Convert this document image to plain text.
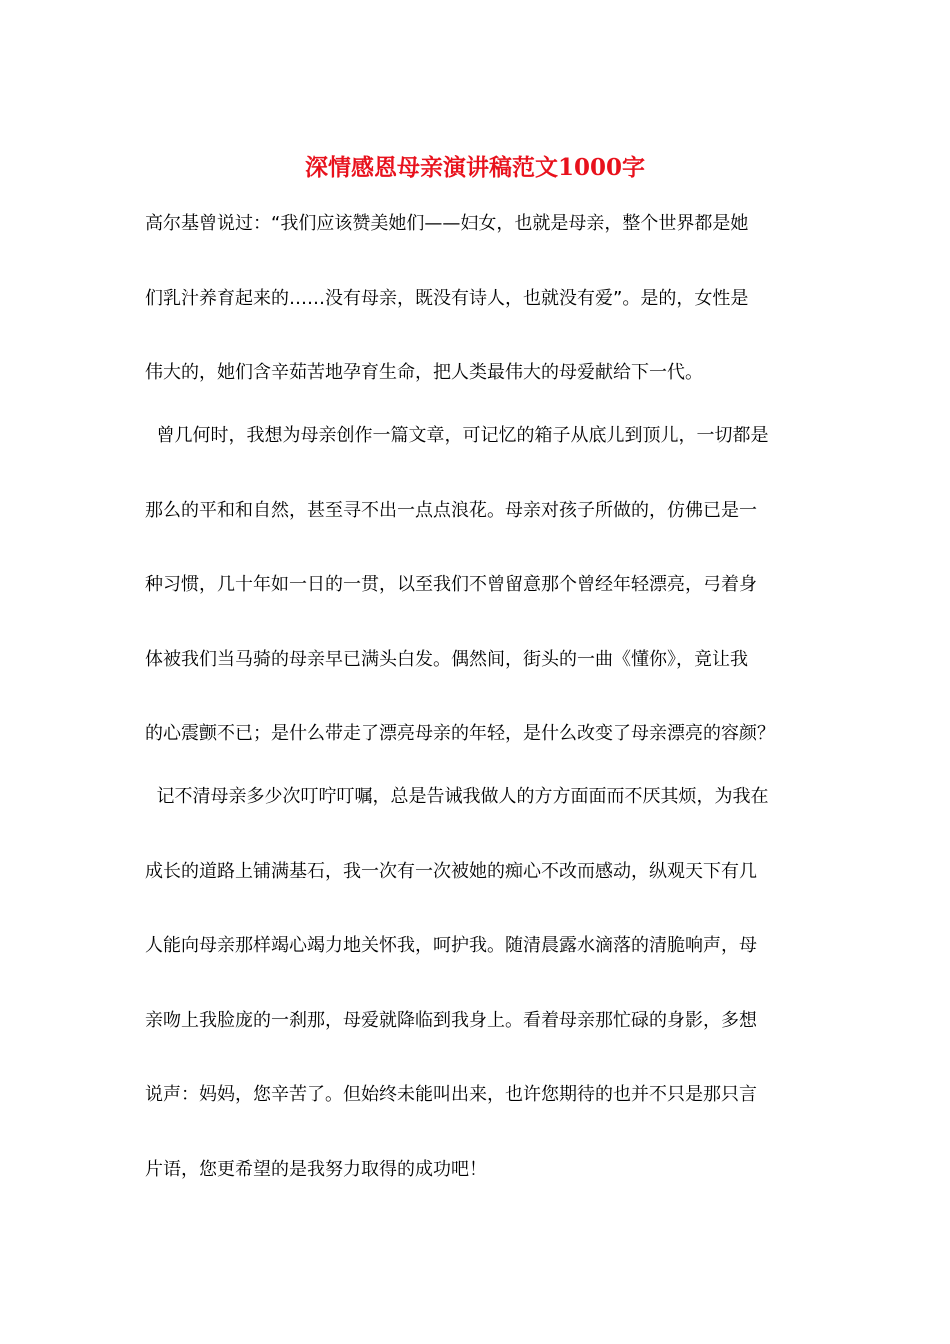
深情感恩母亲演讲稿范文1000字
高尔基曾说过：“我们应该赞美她们——妇女，也就是母亲，整个世界都是她
们乳汁养育起来的……没有母亲，既没有诗人，也就没有爱”。是的，女性是
伟大的，她们含辛茹苦地孕育生命，把人类最伟大的母爱献给下一代。
曾几何时，我想为母亲创作一篇文章，可记忆的箱子从底儿到顶儿，一切都是
那么的平和和自然，甚至寻不出一点点浪花。母亲对孩子所做的，仿佛已是一
种习惯，几十年如一日的一贯，以至我们不曾留意那个曾经年轻漂亮，弓着身
体被我们当马骑的母亲早已满头白发。偶然间，街头的一曲《懂你》，竟让我
的心震颤不已；是什么带走了漂亮母亲的年轻，是什么改变了母亲漂亮的容颜？
记不清母亲多少次叮咛叮嘱，总是告诫我做人的方方面面而不厌其烦，为我在
成长的道路上铺满基石，我一次有一次被她的痴心不改而感动，纵观天下有几
人能向母亲那样竭心竭力地关怀我，呵护我。随清晨露水滴落的清脆响声，母
亲吻上我脸庞的一刹那，母爱就降临到我身上。看着母亲那忙碌的身影，多想
说声：妈妈，您辛苦了。但始终未能叫出来，也许您期待的也并不只是那只言
片语，您更希望的是我努力取得的成功吧！
